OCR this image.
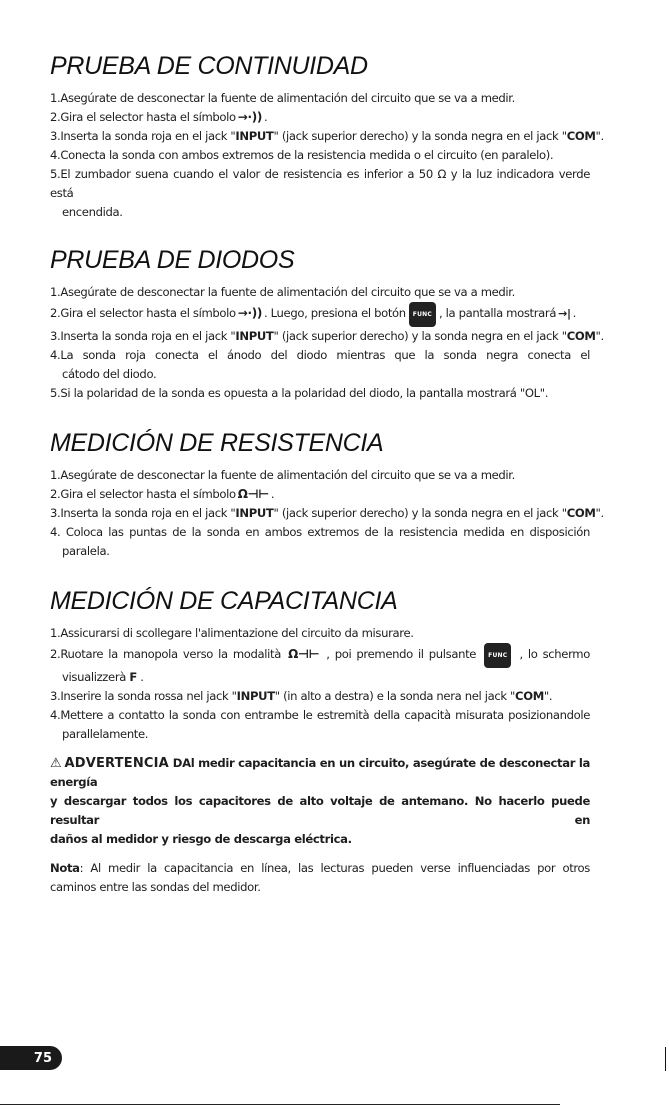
PRUEBA DE CONTINUIDAD
1.Asegúrate de desconectar la fuente de alimentación del circuito que se va a medir.
2.Gira el selector hasta el símbolo →·)) .
3.Inserta la sonda roja en el jack "INPUT" (jack superior derecho) y la sonda negra en el jack "COM".
4.Conecta la sonda con ambos extremos de la resistencia medida o el circuito (en paralelo).
5.El zumbador suena cuando el valor de resistencia es inferior a 50 Ω y la luz indicadora verde está
encendida.
PRUEBA DE DIODOS
1.Asegúrate de desconectar la fuente de alimentación del circuito que se va a medir.
2.Gira el selector hasta el símbolo →·)) . Luego, presiona el botón FUNC , la pantalla mostrará →| .
3.Inserta la sonda roja en el jack "INPUT" (jack superior derecho) y la sonda negra en el jack "COM".
4.La sonda roja conecta el ánodo del diodo mientras que la sonda negra conecta el
cátodo del diodo.
5.Si la polaridad de la sonda es opuesta a la polaridad del diodo, la pantalla mostrará "OL".
MEDICIÓN DE RESISTENCIA
1.Asegúrate de desconectar la fuente de alimentación del circuito que se va a medir.
2.Gira el selector hasta el símbolo Ω⊣⊢ .
3.Inserta la sonda roja en el jack "INPUT" (jack superior derecho) y la sonda negra en el jack "COM".
4. Coloca las puntas de la sonda en ambos extremos de la resistencia medida en disposición
paralela.
MEDICIÓN DE CAPACITANCIA
1.Assicurarsi di scollegare l'alimentazione del circuito da misurare.
2.Ruotare la manopola verso la modalità Ω⊣⊢ , poi premendo il pulsante FUNC , lo schermo
visualizzerà F .
3.Inserire la sonda rossa nel jack "INPUT" (in alto a destra) e la sonda nera nel jack "COM".
4.Mettere a contatto la sonda con entrambe le estremità della capacità misurata posizionandole
parallelamente.
⚠ ADVERTENCIA DAl medir capacitancia en un circuito, asegúrate de desconectar la energía
y descargar todos los capacitores de alto voltaje de antemano. No hacerlo puede resultar en
daños al medidor y riesgo de descarga eléctrica.
Nota: Al medir la capacitancia en línea, las lecturas pueden verse influenciadas por otros
caminos entre las sondas del medidor.
75
